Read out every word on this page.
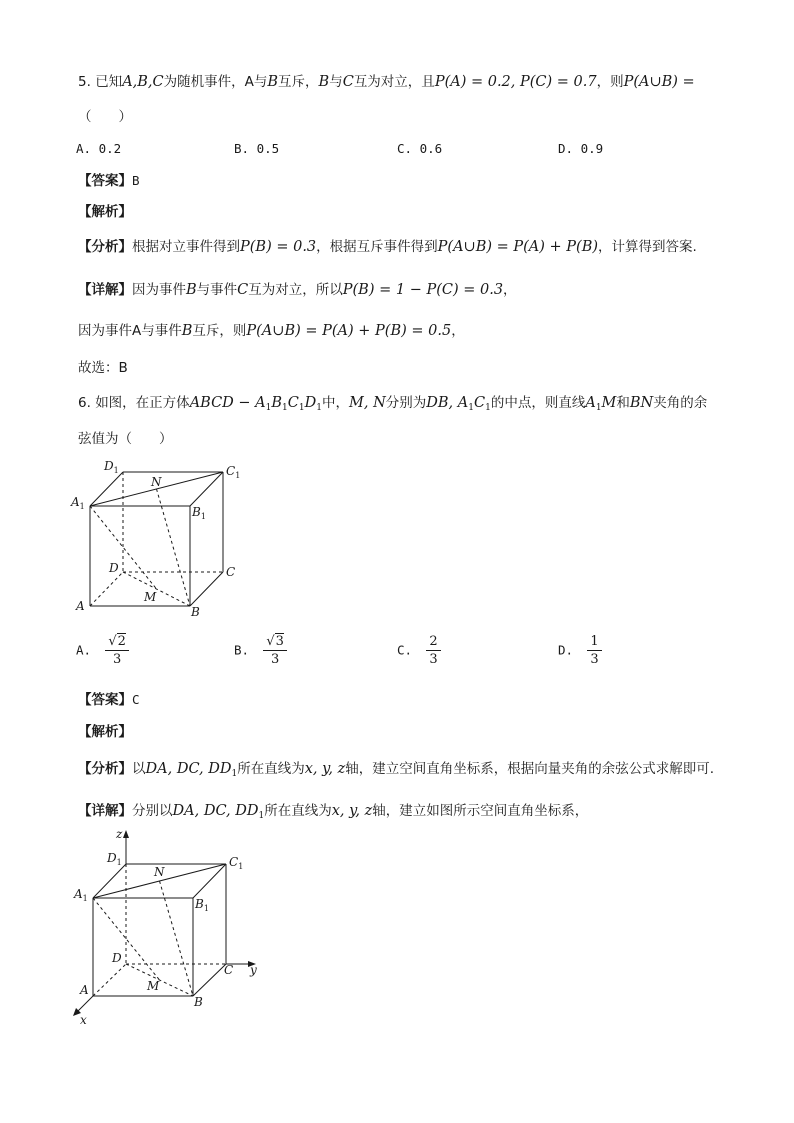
5. 已知A,B,C为随机事件，A与B互斥，B与C互为对立，且P(A) = 0.2, P(C) = 0.7，则P(A∪B) =
（　　）
A. 0.2	B. 0.5	C. 0.6	D. 0.9
【答案】B
【解析】
【分析】根据对立事件得到P(B) = 0.3，根据互斥事件得到P(A∪B) = P(A) + P(B)，计算得到答案.
【详解】因为事件B与事件C互为对立，所以P(B) = 1 − P(C) = 0.3，
因为事件A与事件B互斥，则P(A∪B) = P(A) + P(B) = 0.5，
故选：B
6. 如图，在正方体ABCD − $A_1B_1C_1D_1$中，M, N分别为DB, $A_1C_1$的中点，则直线$A_1M$和BN夹角的余
弦值为（　　）
$D_1$	$C_1$
$A_1$	$B_1$
N
D	C
A
M
B
A. $\frac{√2}{3}$	B. $\frac{√3}{3}$	C. $\frac{2}{3}$	D. $\frac{1}{3}$
【答案】C
【解析】
【分析】以DA, DC, $DD_1$所在直线为x, y, z轴，建立空间直角坐标系，根据向量夹角的余弦公式求解即可.
【详解】分别以DA, DC, $DD_1$所在直线为x, y, z轴，建立如图所示空间直角坐标系，
z
y
x
$D_1$	$C_1$
$A_1$	$B_1$
N
D
C
A	M
B
